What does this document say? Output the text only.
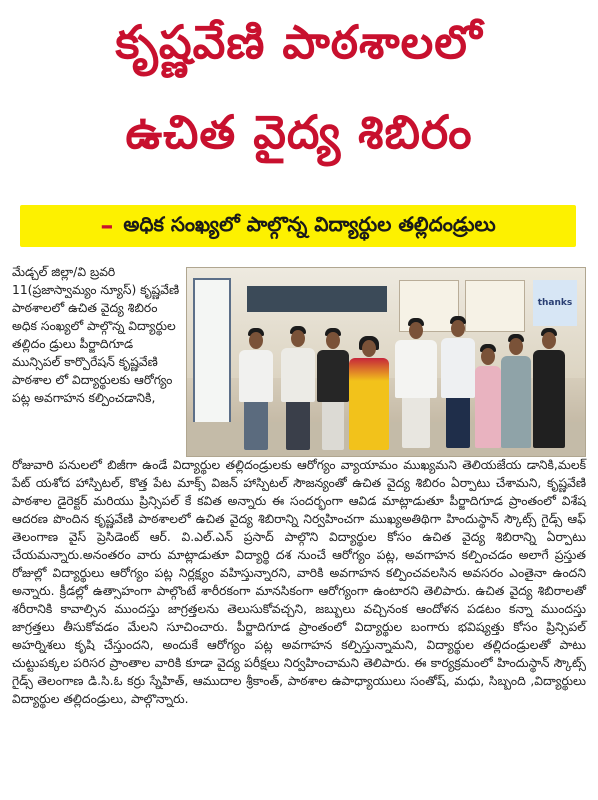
కృష్ణవేణి పాఠశాలలో
ఉచిత వైద్య శిబిరం
– అధిక సంఖ్యలో పాల్గొన్న విద్యార్థుల తల్లిదండ్రులు

మేడ్చల్ జిల్లా/వి బ్రవరి 11(ప్రజాస్వామ్యం న్యూస్) కృష్ణవేణి పాఠశాలలో ఉచిత వైద్య శిబిరం అధిక సంఖ్యలో పాల్గొన్న విద్యార్థుల తల్లిదం డ్రులు పీర్జాదిగూడ మున్సిపల్ కార్పొరేషన్ కృష్ణవేణి పాఠశాల లో విద్యార్థులకు ఆరోగ్యం పట్ల అవగాహన కల్పించడానికి,

thanks

రోజువారి పనులలో బిజీగా ఉండే విద్యార్థుల తల్లిదండ్రులకు ఆరోగ్యం వ్యాయామం ముఖ్యమని తెలియజేయ డానికి,మలక్ పేట్ యశోద హాస్పిటల్, కొత్త పేట మాక్స్ విజన్ హాస్పిటల్ సౌజన్యంతో ఉచిత వైద్య శిబిరం ఏర్పాటు చేశామని, కృష్ణవేణి పాఠశాల డైరెక్టర్ మరియు ప్రిన్సిపల్ కే కవిత అన్నారు ఈ సందర్భంగా ఆవిడ మాట్లాడుతూ పీర్జాదిగూడ ప్రాంతంలో విశేష ఆదరణ పొందిన కృష్ణవేణి పాఠశాలలో ఉచిత వైద్య శిబిరాన్ని నిర్వహించగా ముఖ్యఅతిథిగా హిందుస్థాన్ స్కౌట్స్ గైడ్స్ ఆఫ్ తెలంగాణ వైస్ ప్రెసిడెంట్ ఆర్. వి.ఎల్.ఎన్ ప్రసాద్ పాల్గొని విద్యార్థుల కోసం ఉచిత వైద్య శిబిరాన్ని ఏర్పాటు చేయమన్నారు.అనంతరం వారు మాట్లాడుతూ విద్యార్థి దశ నుంచే ఆరోగ్యం పట్ల, అవగాహన కల్పించడం అలాగే ప్రస్తుత రోజుల్లో విద్యార్థులు ఆరోగ్యం పట్ల నిర్లక్ష్యం వహిస్తున్నారని, వారికి అవగాహన కల్పించవలసిన అవసరం ఎంతైనా ఉందని అన్నారు. క్రీడల్లో ఉత్సాహంగా పాల్గొంటే శారీరకంగా మానసికంగా ఆరోగ్యంగా ఉంటారని తెలిపారు. ఉచిత వైద్య శిబిరాలతో శరీరానికి కావాల్సిన ముందస్తు జాగ్రత్తలను తెలుసుకోవచ్చని, జబ్బులు వచ్చినంక ఆందోళన పడటం కన్నా ముందస్తు జాగ్రత్తలు తీసుకోవడం మేలని సూచించారు. పీర్జాదిగూడ ప్రాంతంలో విద్యార్థుల బంగారు భవిష్యత్తు కోసం ప్రిన్సిపల్ అహర్నిశలు కృషి చేస్తుందని, అందుకే ఆరోగ్యం పట్ల అవగాహన కల్పిస్తున్నామని, విద్యార్థుల తల్లిదండ్రులతో పాటు చుట్టుపక్కల పరిసర ప్రాంతాల వారికి కూడా వైద్య పరీక్షలు నిర్వహించామని తెలిపారు. ఈ కార్యక్రమంలో హిందుస్థాన్ స్కౌట్స్ గైడ్స్ తెలంగాణ డి.సి.ఓ కర్రు స్నేహిత్, ఆముదాల శ్రీకాంత్, పాఠశాల ఉపాధ్యాయులు సంతోష్, మధు, సిబ్బంది ,విద్యార్థులు విద్యార్థుల తల్లిదండ్రులు, పాల్గొన్నారు.
